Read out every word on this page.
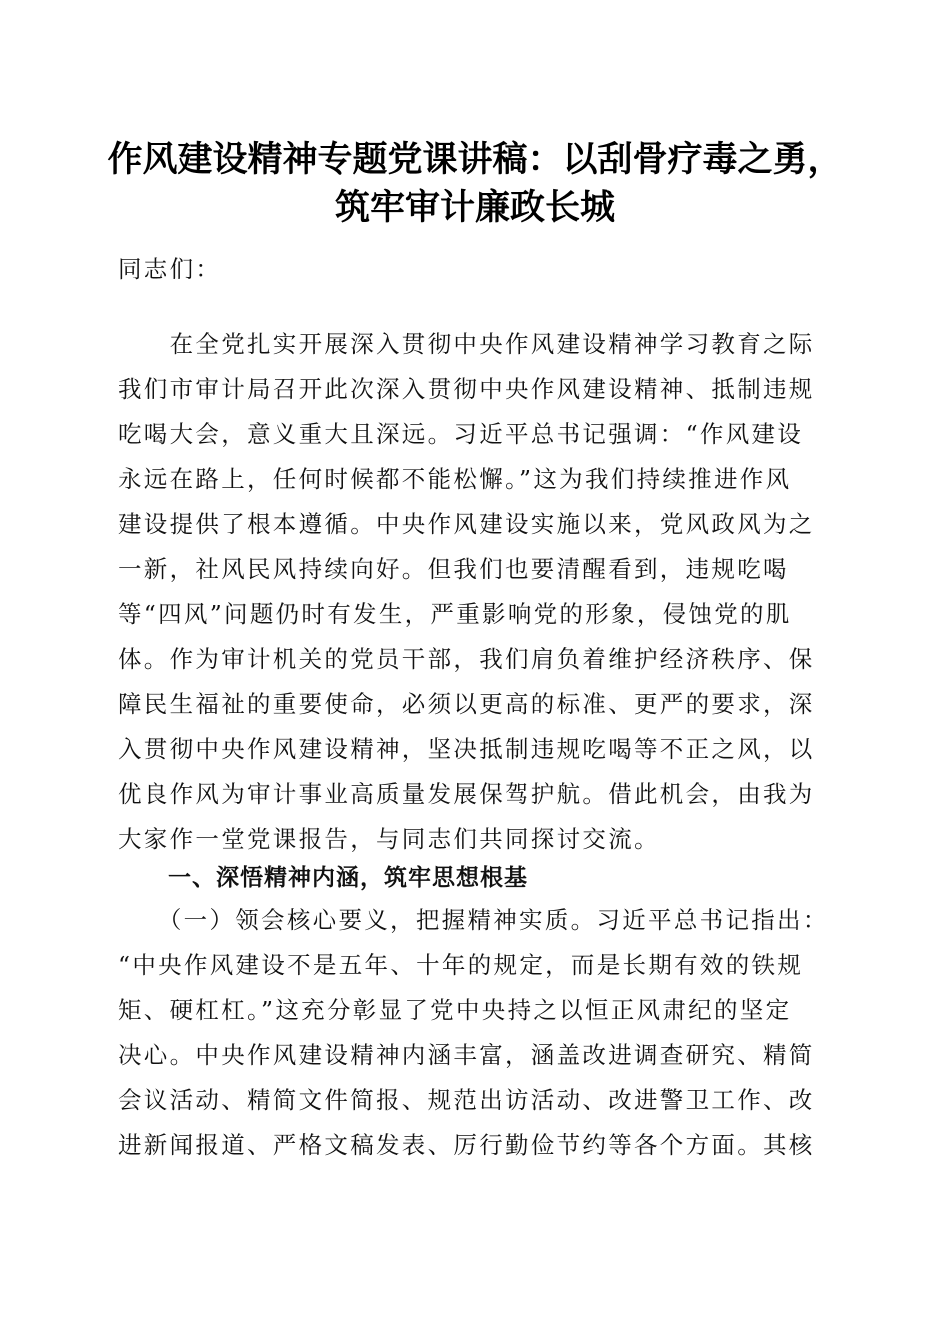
作风建设精神专题党课讲稿：以刮骨疗毒之勇，
筑牢审计廉政长城
同志们：
　　在全党扎实开展深入贯彻中央作风建设精神学习教育之际
我们市审计局召开此次深入贯彻中央作风建设精神、抵制违规
吃喝大会，意义重大且深远。习近平总书记强调：“作风建设
永远在路上，任何时候都不能松懈。”这为我们持续推进作风
建设提供了根本遵循。中央作风建设实施以来，党风政风为之
一新，社风民风持续向好。但我们也要清醒看到，违规吃喝
等“四风”问题仍时有发生，严重影响党的形象，侵蚀党的肌
体。作为审计机关的党员干部，我们肩负着维护经济秩序、保
障民生福祉的重要使命，必须以更高的标准、更严的要求，深
入贯彻中央作风建设精神，坚决抵制违规吃喝等不正之风，以
优良作风为审计事业高质量发展保驾护航。借此机会，由我为
大家作一堂党课报告，与同志们共同探讨交流。
一、深悟精神内涵，筑牢思想根基
　　（一）领会核心要义，把握精神实质。习近平总书记指出：
“中央作风建设不是五年、十年的规定，而是长期有效的铁规
矩、硬杠杠。”这充分彰显了党中央持之以恒正风肃纪的坚定
决心。中央作风建设精神内涵丰富，涵盖改进调查研究、精简
会议活动、精简文件简报、规范出访活动、改进警卫工作、改
进新闻报道、严格文稿发表、厉行勤俭节约等各个方面。其核
